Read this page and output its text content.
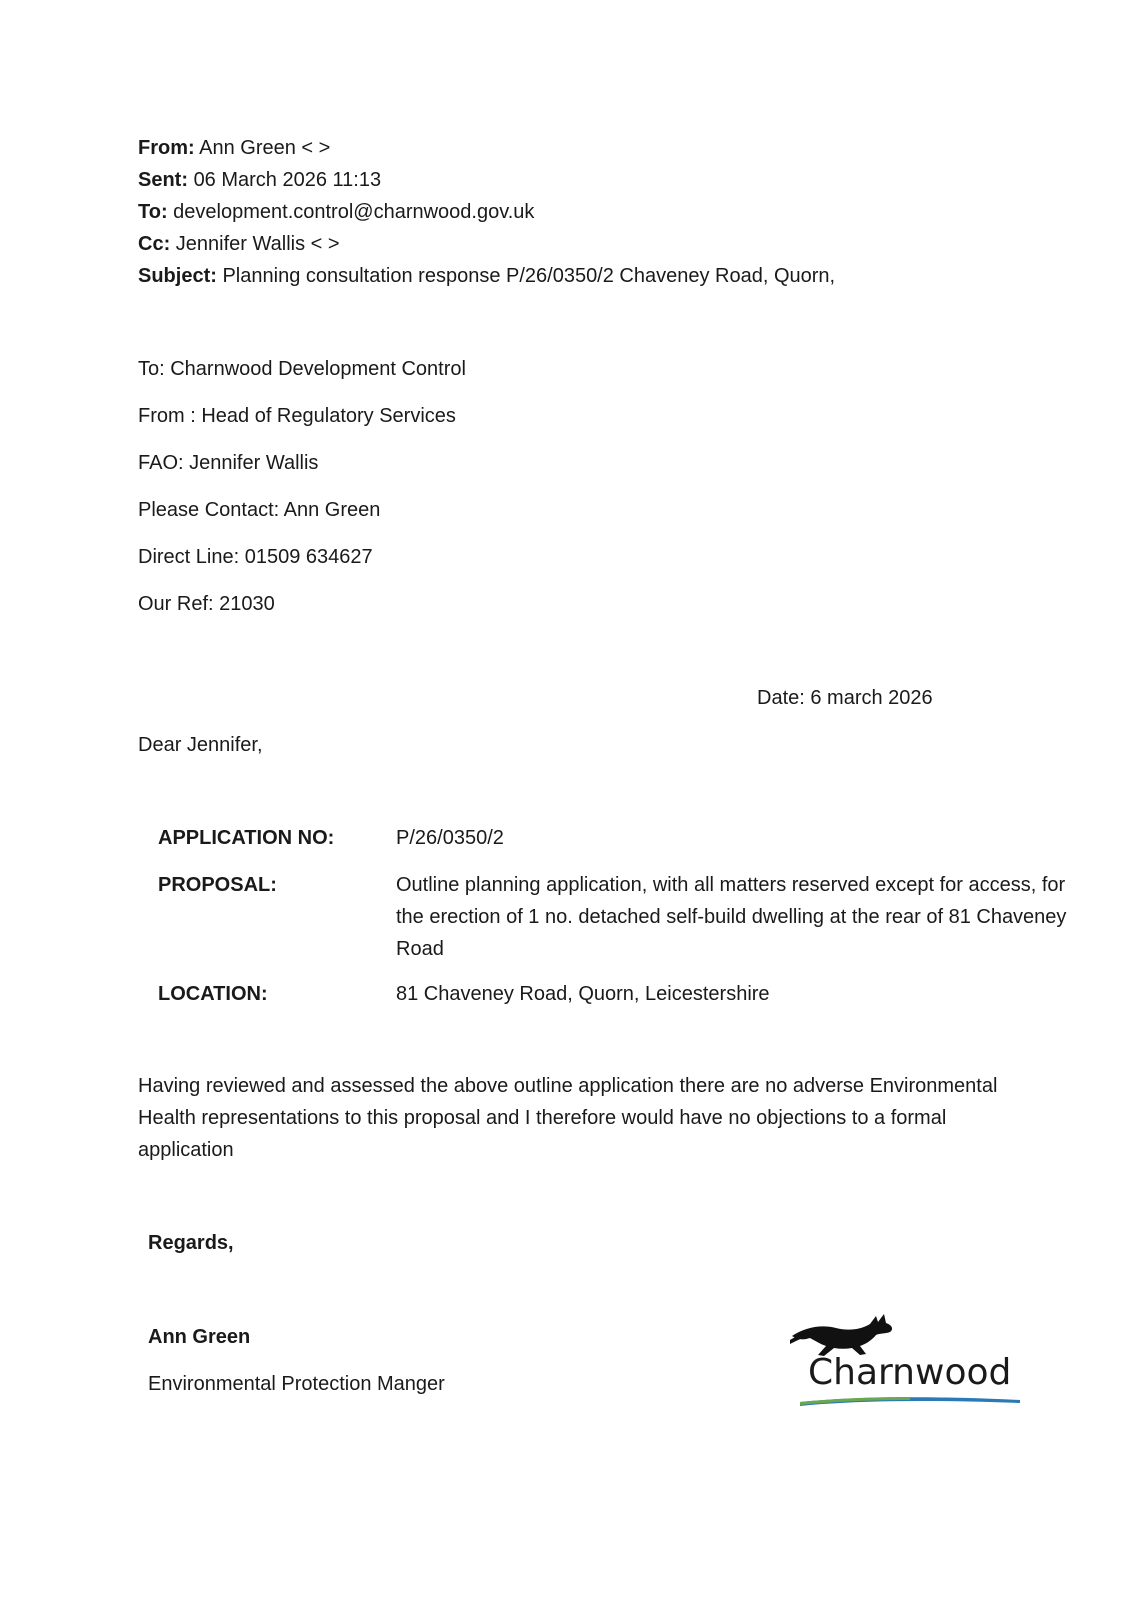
From: Ann Green < >
Sent: 06 March 2026 11:13
To: development.control@charnwood.gov.uk
Cc: Jennifer Wallis < >
Subject: Planning consultation response P/26/0350/2 Chaveney Road, Quorn,
To: Charnwood Development Control
From : Head of Regulatory Services
FAO: Jennifer Wallis
Please Contact: Ann Green
Direct Line: 01509 634627
Our Ref: 21030
Date: 6 march 2026
Dear Jennifer,
APPLICATION NO:	P/26/0350/2
PROPOSAL:	Outline planning application, with all matters reserved except for access, for the erection of 1 no. detached self-build dwelling at the rear of 81 Chaveney Road
LOCATION:	81 Chaveney Road, Quorn, Leicestershire
Having reviewed and assessed the above outline application there are no adverse Environmental Health representations to this proposal and I therefore would have no objections to a formal application
Regards,
Ann Green
Environmental Protection Manger	Charnwood
